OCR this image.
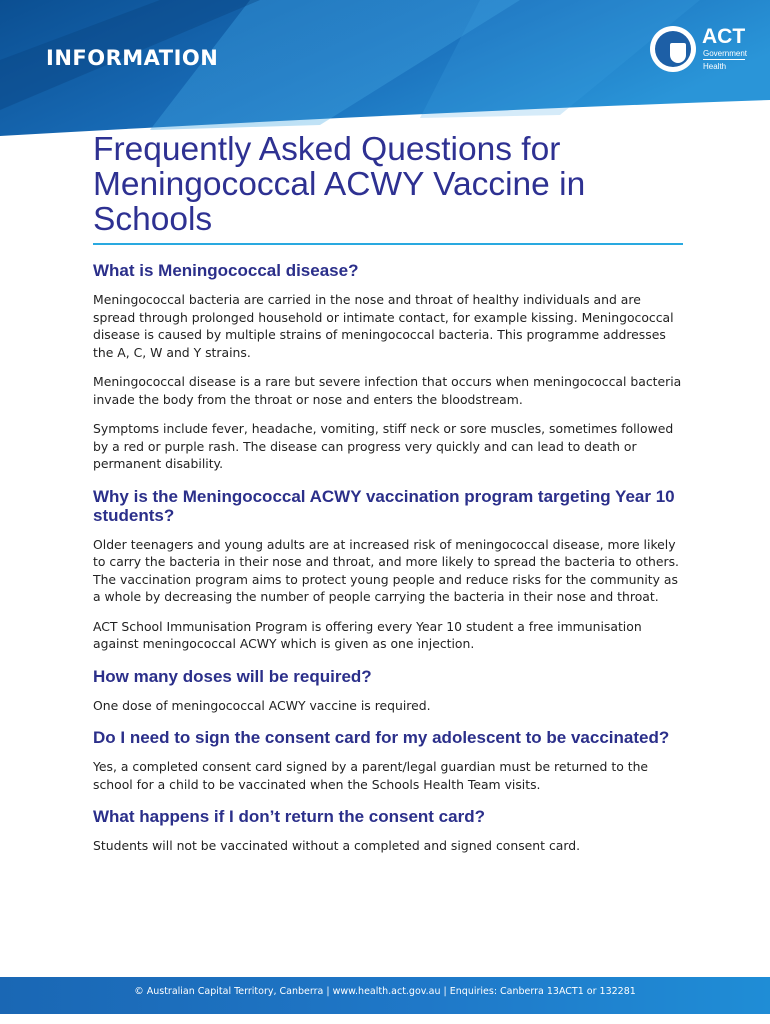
INFORMATION
ACT
Government
Health
Frequently Asked Questions for
Meningococcal ACWY Vaccine in
Schools
What is Meningococcal disease?

Meningococcal bacteria are carried in the nose and throat of healthy individuals and are spread through prolonged household or intimate contact, for example kissing. Meningococcal disease is caused by multiple strains of meningococcal bacteria. This programme addresses the A, C, W and Y strains.

Meningococcal disease is a rare but severe infection that occurs when meningococcal bacteria invade the body from the throat or nose and enters the bloodstream.

Symptoms include fever, headache, vomiting, stiff neck or sore muscles, sometimes followed by a red or purple rash. The disease can progress very quickly and can lead to death or permanent disability.

Why is the Meningococcal ACWY vaccination program targeting Year 10 students?

Older teenagers and young adults are at increased risk of meningococcal disease, more likely to carry the bacteria in their nose and throat, and more likely to spread the bacteria to others. The vaccination program aims to protect young people and reduce risks for the community as a whole by decreasing the number of people carrying the bacteria in their nose and throat.

ACT School Immunisation Program is offering every Year 10 student a free immunisation against meningococcal ACWY which is given as one injection.

How many doses will be required?

One dose of meningococcal ACWY vaccine is required.

Do I need to sign the consent card for my adolescent to be vaccinated?

Yes, a completed consent card signed by a parent/legal guardian must be returned to the school for a child to be vaccinated when the Schools Health Team visits.

What happens if I don’t return the consent card?

Students will not be vaccinated without a completed and signed consent card.

© Australian Capital Territory, Canberra | www.health.act.gov.au | Enquiries: Canberra 13ACT1 or 132281
